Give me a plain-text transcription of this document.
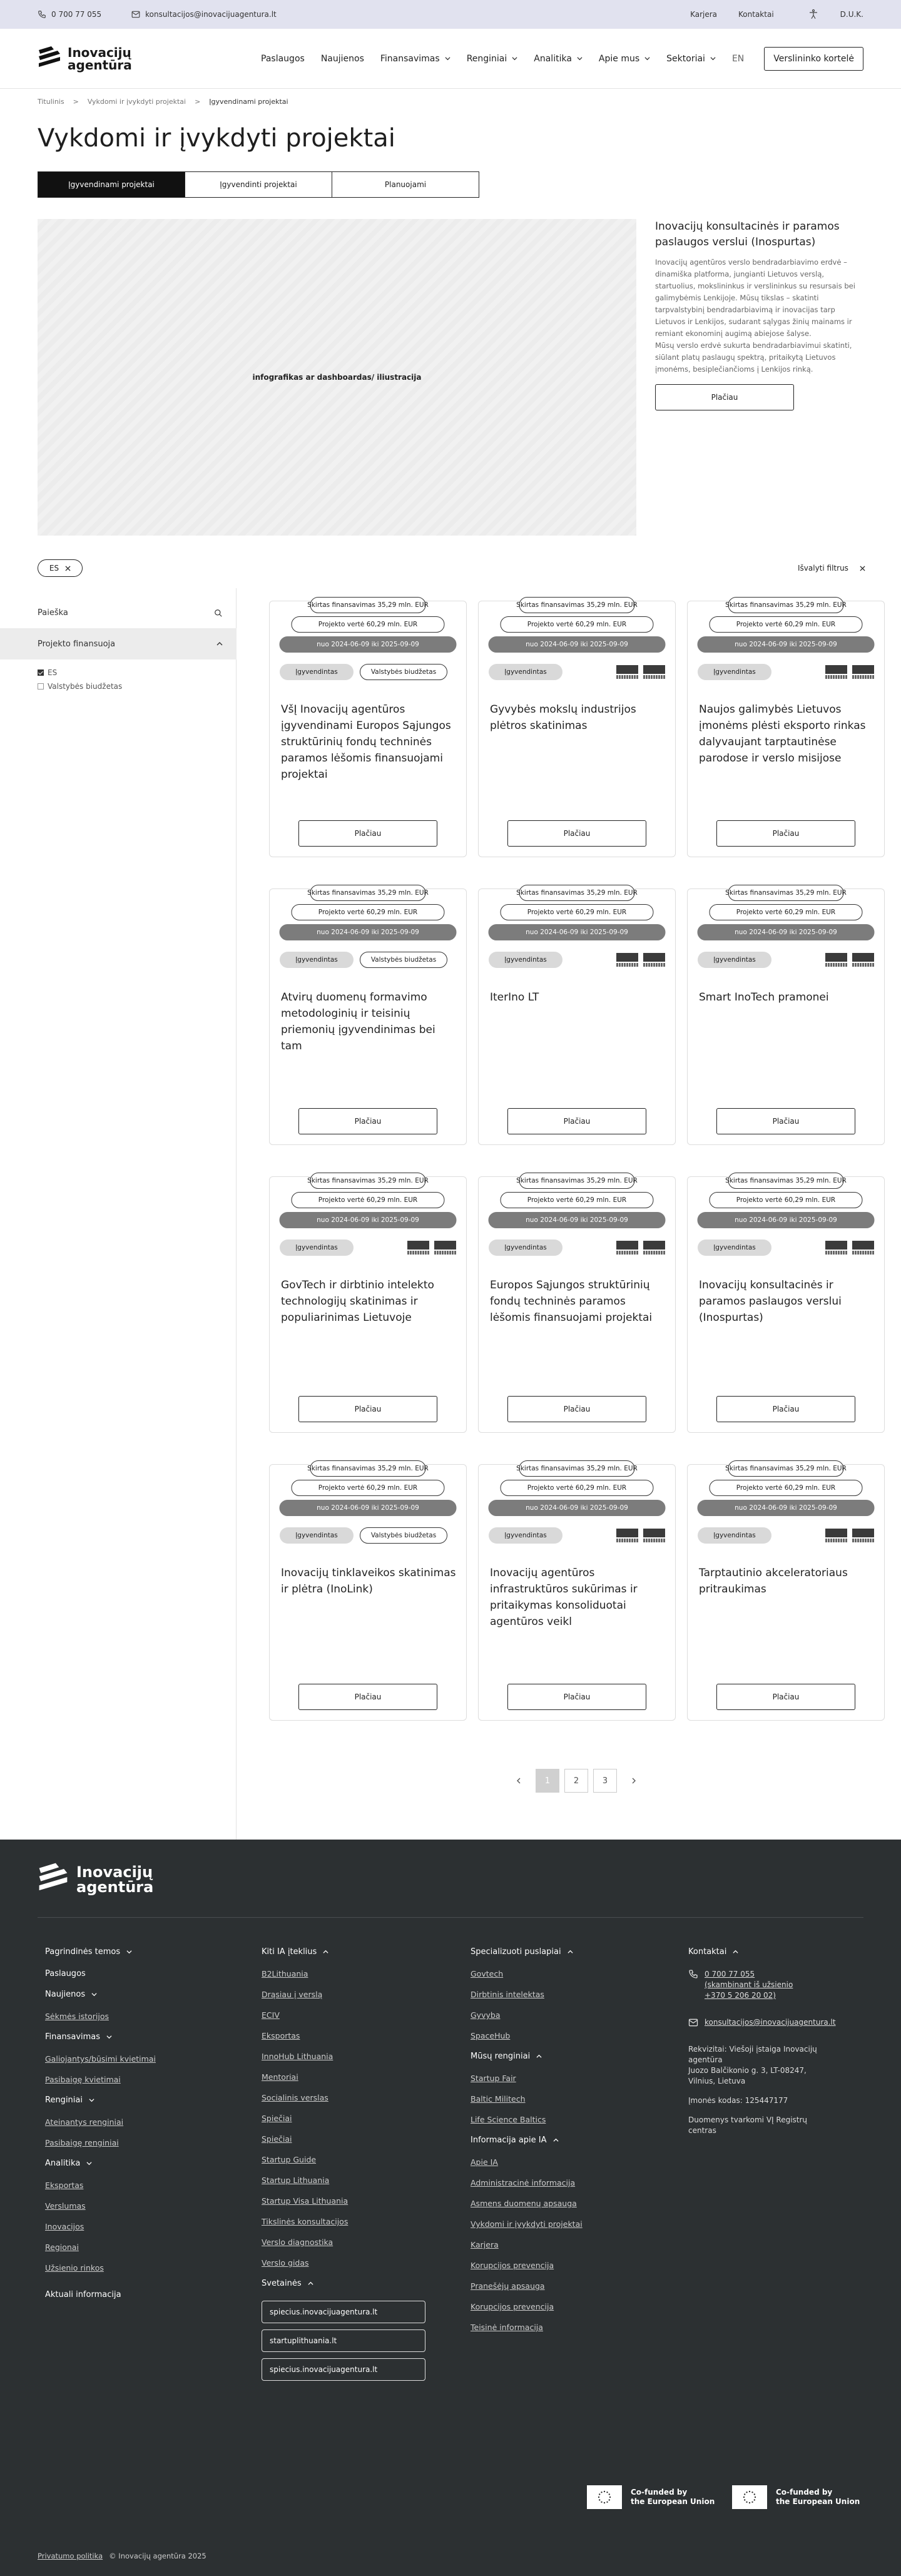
0 700 77 055	konsultacijos@inovacijuagentura.lt	Karjera	Kontaktai	D.U.K.
Inovacijų
agentūra	Paslaugos Naujienos Finansavimas	Renginiai	Analitika	Apie mus	Sektoriai	EN	Verslininko kortelė
Titulinis > Vykdomi ir įvykdyti projektai > Įgyvendinami projektai
Vykdomi ir įvykdyti projektai
Įgyvendinami projektai	Įgyvendinti projektai	Planuojami
infografikas ar dashboardas/ iliustracija
Inovacijų konsultacinės ir paramos paslaugos verslui (Inospurtas)

Inovacijų agentūros verslo bendradarbiavimo erdvė – dinamiška platforma, jungianti Lietuvos verslą, startuolius, mokslininkus ir verslininkus su resursais bei galimybėmis Lenkijoje. Mūsų tikslas – skatinti tarpvalstybinį bendradarbiavimą ir inovacijas tarp Lietuvos ir Lenkijos, sudarant sąlygas žinių mainams ir remiant ekonominį augimą abiejose šalyse.

Mūsų verslo erdvė sukurta bendradarbiavimui skatinti, siūlant platų paslaugų spektrą, pritaikytą Lietuvos įmonėms, besiplečiančioms į Lenkijos rinką.

Plačiau
ES	Išvalyti filtrus
Paieška
Projekto finansuoja
ES
Valstybės biudžetas
Skirtas finansavimas 35,29 mln. EUR
Projekto vertė 60,29 mln. EUR
nuo 2024-06-09 iki 2025-09-09
Įgyvendintas	Valstybės biudžetas
VšĮ Inovacijų agentūros įgyvendinami Europos Sąjungos struktūrinių fondų techninės paramos lėšomis finansuojami projektai
Plačiau
Skirtas finansavimas 35,29 mln. EUR
Projekto vertė 60,29 mln. EUR
nuo 2024-06-09 iki 2025-09-09
Įgyvendintas
Gyvybės mokslų industrijos plėtros skatinimas
Plačiau
Skirtas finansavimas 35,29 mln. EUR
Projekto vertė 60,29 mln. EUR
nuo 2024-06-09 iki 2025-09-09
Įgyvendintas
Naujos galimybės Lietuvos įmonėms plėsti eksporto rinkas dalyvaujant tarptautinėse parodose ir verslo misijose
Plačiau
Skirtas finansavimas 35,29 mln. EUR
Projekto vertė 60,29 mln. EUR
nuo 2024-06-09 iki 2025-09-09
Įgyvendintas	Valstybės biudžetas
Atvirų duomenų formavimo metodologinių ir teisinių priemonių įgyvendinimas bei tam
Plačiau
Skirtas finansavimas 35,29 mln. EUR
Projekto vertė 60,29 mln. EUR
nuo 2024-06-09 iki 2025-09-09
Įgyvendintas
IterIno LT
Plačiau
Skirtas finansavimas 35,29 mln. EUR
Projekto vertė 60,29 mln. EUR
nuo 2024-06-09 iki 2025-09-09
Įgyvendintas
Smart InoTech pramonei
Plačiau
Skirtas finansavimas 35,29 mln. EUR
Projekto vertė 60,29 mln. EUR
nuo 2024-06-09 iki 2025-09-09
Įgyvendintas
GovTech ir dirbtinio intelekto technologijų skatinimas ir populiarinimas Lietuvoje
Plačiau
Skirtas finansavimas 35,29 mln. EUR
Projekto vertė 60,29 mln. EUR
nuo 2024-06-09 iki 2025-09-09
Įgyvendintas
Europos Sąjungos struktūrinių fondų techninės paramos lėšomis finansuojami projektai
Plačiau
Skirtas finansavimas 35,29 mln. EUR
Projekto vertė 60,29 mln. EUR
nuo 2024-06-09 iki 2025-09-09
Įgyvendintas
Inovacijų konsultacinės ir paramos paslaugos verslui (Inospurtas)
Plačiau
Skirtas finansavimas 35,29 mln. EUR
Projekto vertė 60,29 mln. EUR
nuo 2024-06-09 iki 2025-09-09
Įgyvendintas	Valstybės biudžetas
Inovacijų tinklaveikos skatinimas ir plėtra (InoLink)
Plačiau
Skirtas finansavimas 35,29 mln. EUR
Projekto vertė 60,29 mln. EUR
nuo 2024-06-09 iki 2025-09-09
Įgyvendintas
Inovacijų agentūros infrastruktūros sukūrimas ir pritaikymas konsoliduotai agentūros veikl
Plačiau
Skirtas finansavimas 35,29 mln. EUR
Projekto vertė 60,29 mln. EUR
nuo 2024-06-09 iki 2025-09-09
Įgyvendintas
Tarptautinio akceleratoriaus pritraukimas
Plačiau
1	2	3
Inovacijų
agentūra
Pagrindinės temos
Paslaugos
Naujienos
Sėkmės istorijos
Finansavimas
Galiojantys/būsimi kvietimai
Pasibaigę kvietimai
Renginiai
Ateinantys renginiai
Pasibaigę renginiai
Analitika
Eksportas
Verslumas
Inovacijos
Regionai
Užsienio rinkos
Aktuali informacija
Kiti IA įteklius
B2Lithuania
Drąsiau į verslą
ECIV
Eksportas
InnoHub Lithuania
Mentoriai
Socialinis verslas
Spiečiai
Spiečiai
Startup Guide
Startup Lithuania
Startup Visa Lithuania
Tikslinės konsultacijos
Verslo diagnostika
Verslo gidas
Svetainės
spiecius.inovacijuagentura.lt
startuplithuania.lt
spiecius.inovacijuagentura.lt
Specializuoti puslapiai
Govtech
Dirbtinis intelektas
Gyvyba
SpaceHub
Mūsų renginiai
Startup Fair
Baltic Militech
Life Science Baltics
Informacija apie IA
Apie IA
Administracinė informacija
Asmens duomenų apsauga
Vykdomi ir įvykdyti projektai
Karjera
Korupcijos prevencija
Pranešėjų apsauga
Korupcijos prevencija
Teisinė informacija
Kontaktai
0 700 77 055
(skambinant iš užsienio
+370 5 206 20 02)
konsultacijos@inovacijuagentura.lt
Rekvizitai: Viešoji įstaiga Inovacijų
agentūra
Juozo Balčikonio g. 3, LT-08247,
Vilnius, Lietuva
Įmonės kodas: 125447177
Duomenys tvarkomi VĮ Registrų
centras
Co-funded by
the European Union
Co-funded by
the European Union
Privatumo politika © Inovacijų agentūra 2025
